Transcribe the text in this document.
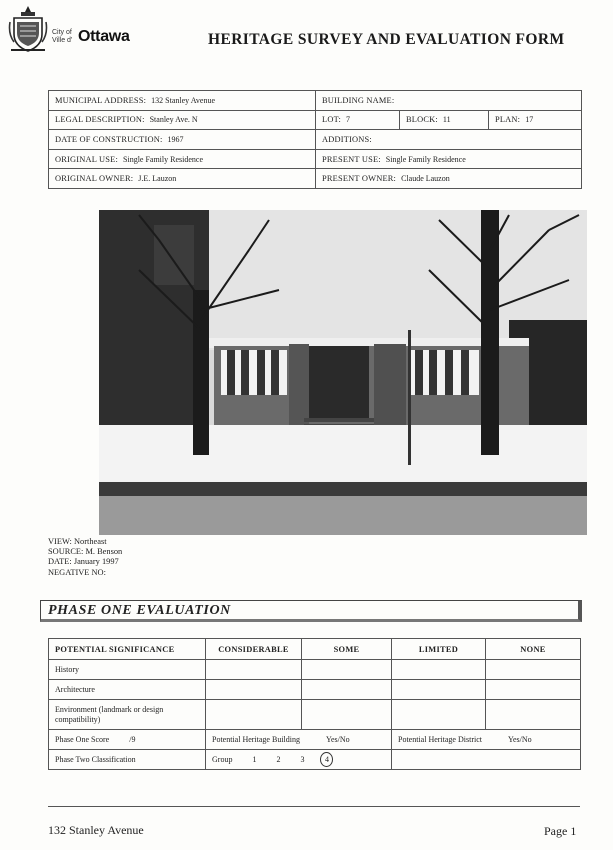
City of
Ville d' Ottawa	HERITAGE SURVEY AND EVALUATION FORM
MUNICIPAL ADDRESS: 132 Stanley Avenue	BUILDING NAME:		
LEGAL DESCRIPTION: Stanley Ave. N	LOT: 7	BLOCK: 11	PLAN: 17
DATE OF CONSTRUCTION: 1967	ADDITIONS:		
ORIGINAL USE: Single Family Residence	PRESENT USE: Single Family Residence		
ORIGINAL OWNER: J.E. Lauzon	PRESENT OWNER: Claude Lauzon		
VIEW: Northeast
SOURCE: M. Benson
DATE: January 1997
NEGATIVE NO:
PHASE ONE EVALUATION
POTENTIAL SIGNIFICANCE	CONSIDERABLE	SOME	LIMITED	NONE
History				
Architecture				
Environment (landmark or design compatibility)				
Phase One Score /9	Potential Heritage Building Yes/No		Potential Heritage District Yes/No	
Phase Two Classification	Group 1 2 3 4			
132 Stanley Avenue	Page 1
